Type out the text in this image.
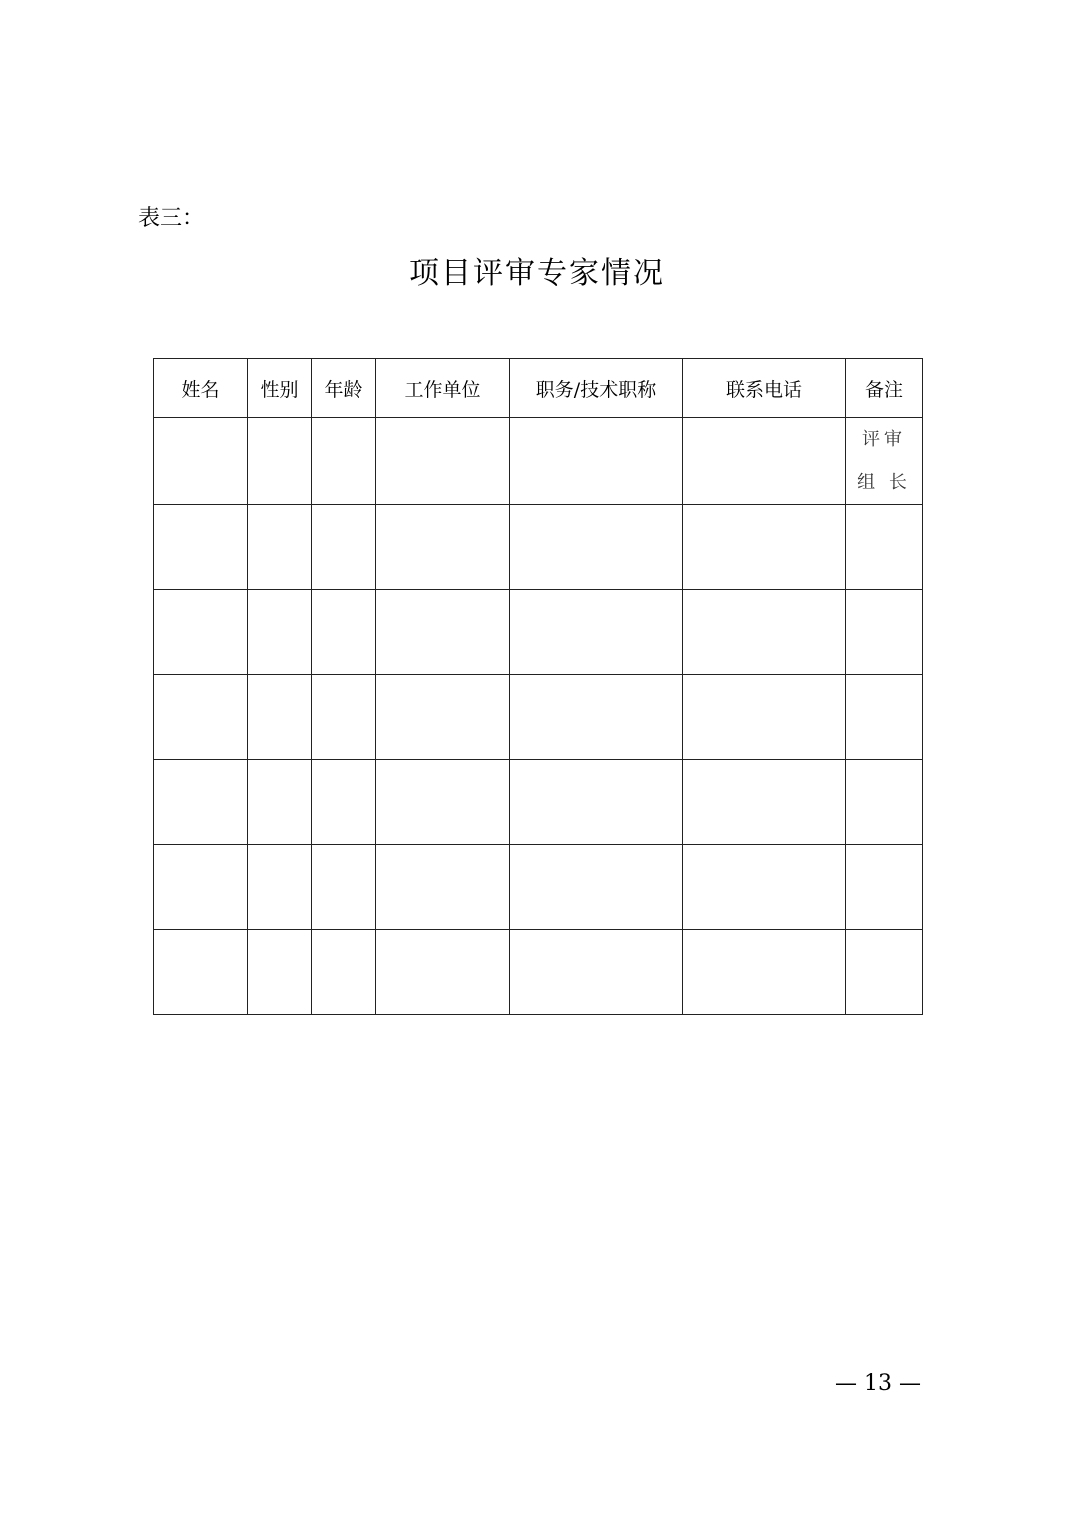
表三：
项目评审专家情况
姓名	性别	年龄	工作单位	职务/技术职称	联系电话	备注

						评审
组 长

— 13 —
